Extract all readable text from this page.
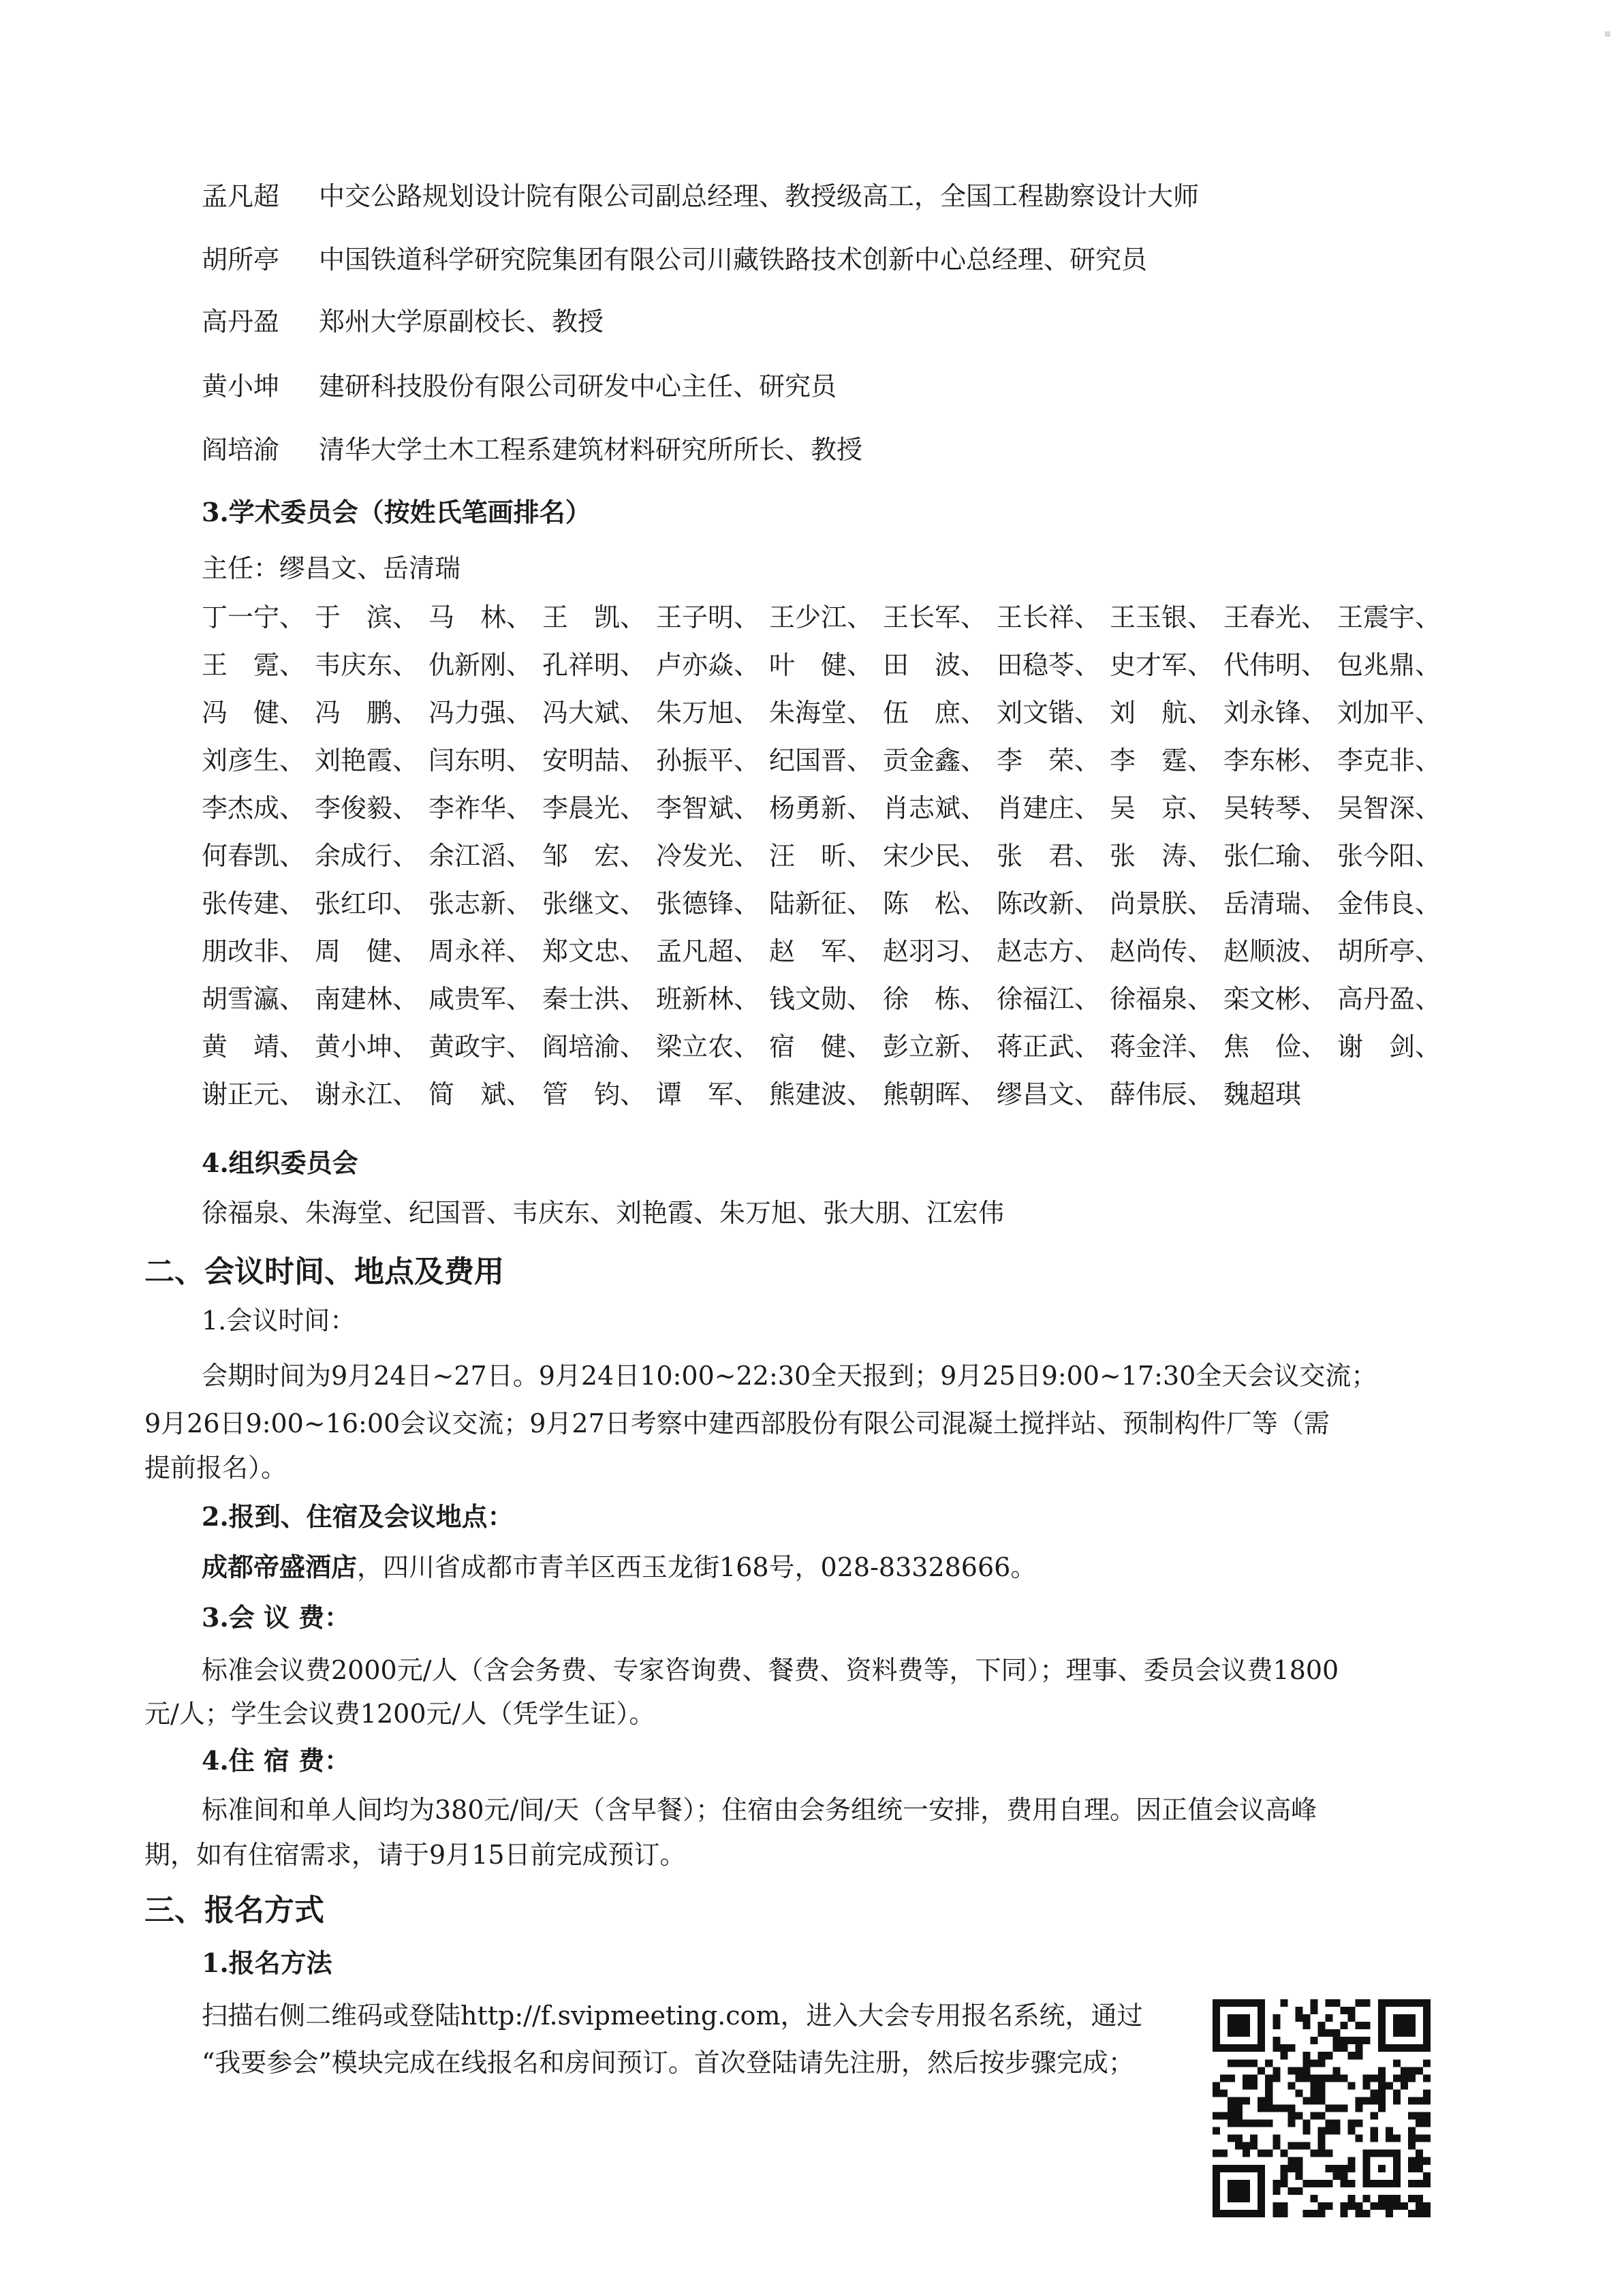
孟凡超 中交公路规划设计院有限公司副总经理、教授级高工，全国工程勘察设计大师
胡所亭 中国铁道科学研究院集团有限公司川藏铁路技术创新中心总经理、研究员
高丹盈 郑州大学原副校长、教授
黄小坤 建研科技股份有限公司研发中心主任、研究员
阎培渝 清华大学土木工程系建筑材料研究所所长、教授
3.学术委员会（按姓氏笔画排名）
主任：缪昌文、岳清瑞
丁一宁、 于　滨、 马　林、 王　凯、 王子明、 王少江、 王长军、 王长祥、 王玉银、 王春光、 王震宇、
王　霓、 韦庆东、 仇新刚、 孔祥明、 卢亦焱、 叶　健、 田　波、 田稳苓、 史才军、 代伟明、 包兆鼎、
冯　健、 冯　鹏、 冯力强、 冯大斌、 朱万旭、 朱海堂、 伍　庶、 刘文锴、 刘　航、 刘永锋、 刘加平、
刘彦生、 刘艳霞、 闫东明、 安明喆、 孙振平、 纪国晋、 贡金鑫、 李　荣、 李　霆、 李东彬、 李克非、
李杰成、 李俊毅、 李祚华、 李晨光、 李智斌、 杨勇新、 肖志斌、 肖建庄、 吴　京、 吴转琴、 吴智深、
何春凯、 余成行、 余江滔、 邹　宏、 冷发光、 汪　昕、 宋少民、 张　君、 张　涛、 张仁瑜、 张今阳、
张传建、 张红印、 张志新、 张继文、 张德锋、 陆新征、 陈　松、 陈改新、 尚景朕、 岳清瑞、 金伟良、
朋改非、 周　健、 周永祥、 郑文忠、 孟凡超、 赵　军、 赵羽习、 赵志方、 赵尚传、 赵顺波、 胡所亭、
胡雪瀛、 南建林、 咸贵军、 秦士洪、 班新林、 钱文勋、 徐　栋、 徐福江、 徐福泉、 栾文彬、 高丹盈、
黄　靖、 黄小坤、 黄政宇、 阎培渝、 梁立农、 宿　健、 彭立新、 蒋正武、 蒋金洋、 焦　俭、 谢　剑、
谢正元、 谢永江、 简　斌、 管　钧、 谭　军、 熊建波、 熊朝晖、 缪昌文、 薛伟辰、 魏超琪
4.组织委员会
徐福泉、朱海堂、纪国晋、韦庆东、刘艳霞、朱万旭、张大朋、江宏伟
二、会议时间、地点及费用
1.会议时间：
会期时间为9月24日~27日。9月24日10:00~22:30全天报到；9月25日9:00~17:30全天会议交流；
9月26日9:00~16:00会议交流；9月27日考察中建西部股份有限公司混凝土搅拌站、预制构件厂等（需
提前报名）。
2.报到、住宿及会议地点：
成都帝盛酒店，四川省成都市青羊区西玉龙街168号，028-83328666。
3.会 议 费：
标准会议费2000元/人（含会务费、专家咨询费、餐费、资料费等，下同）；理事、委员会议费1800
元/人；学生会议费1200元/人（凭学生证）。
4.住 宿 费：
标准间和单人间均为380元/间/天（含早餐）；住宿由会务组统一安排，费用自理。因正值会议高峰
期，如有住宿需求，请于9月15日前完成预订。
三、报名方式
1.报名方法
扫描右侧二维码或登陆http://f.svipmeeting.com，进入大会专用报名系统，通过
“我要参会”模块完成在线报名和房间预订。首次登陆请先注册，然后按步骤完成；
